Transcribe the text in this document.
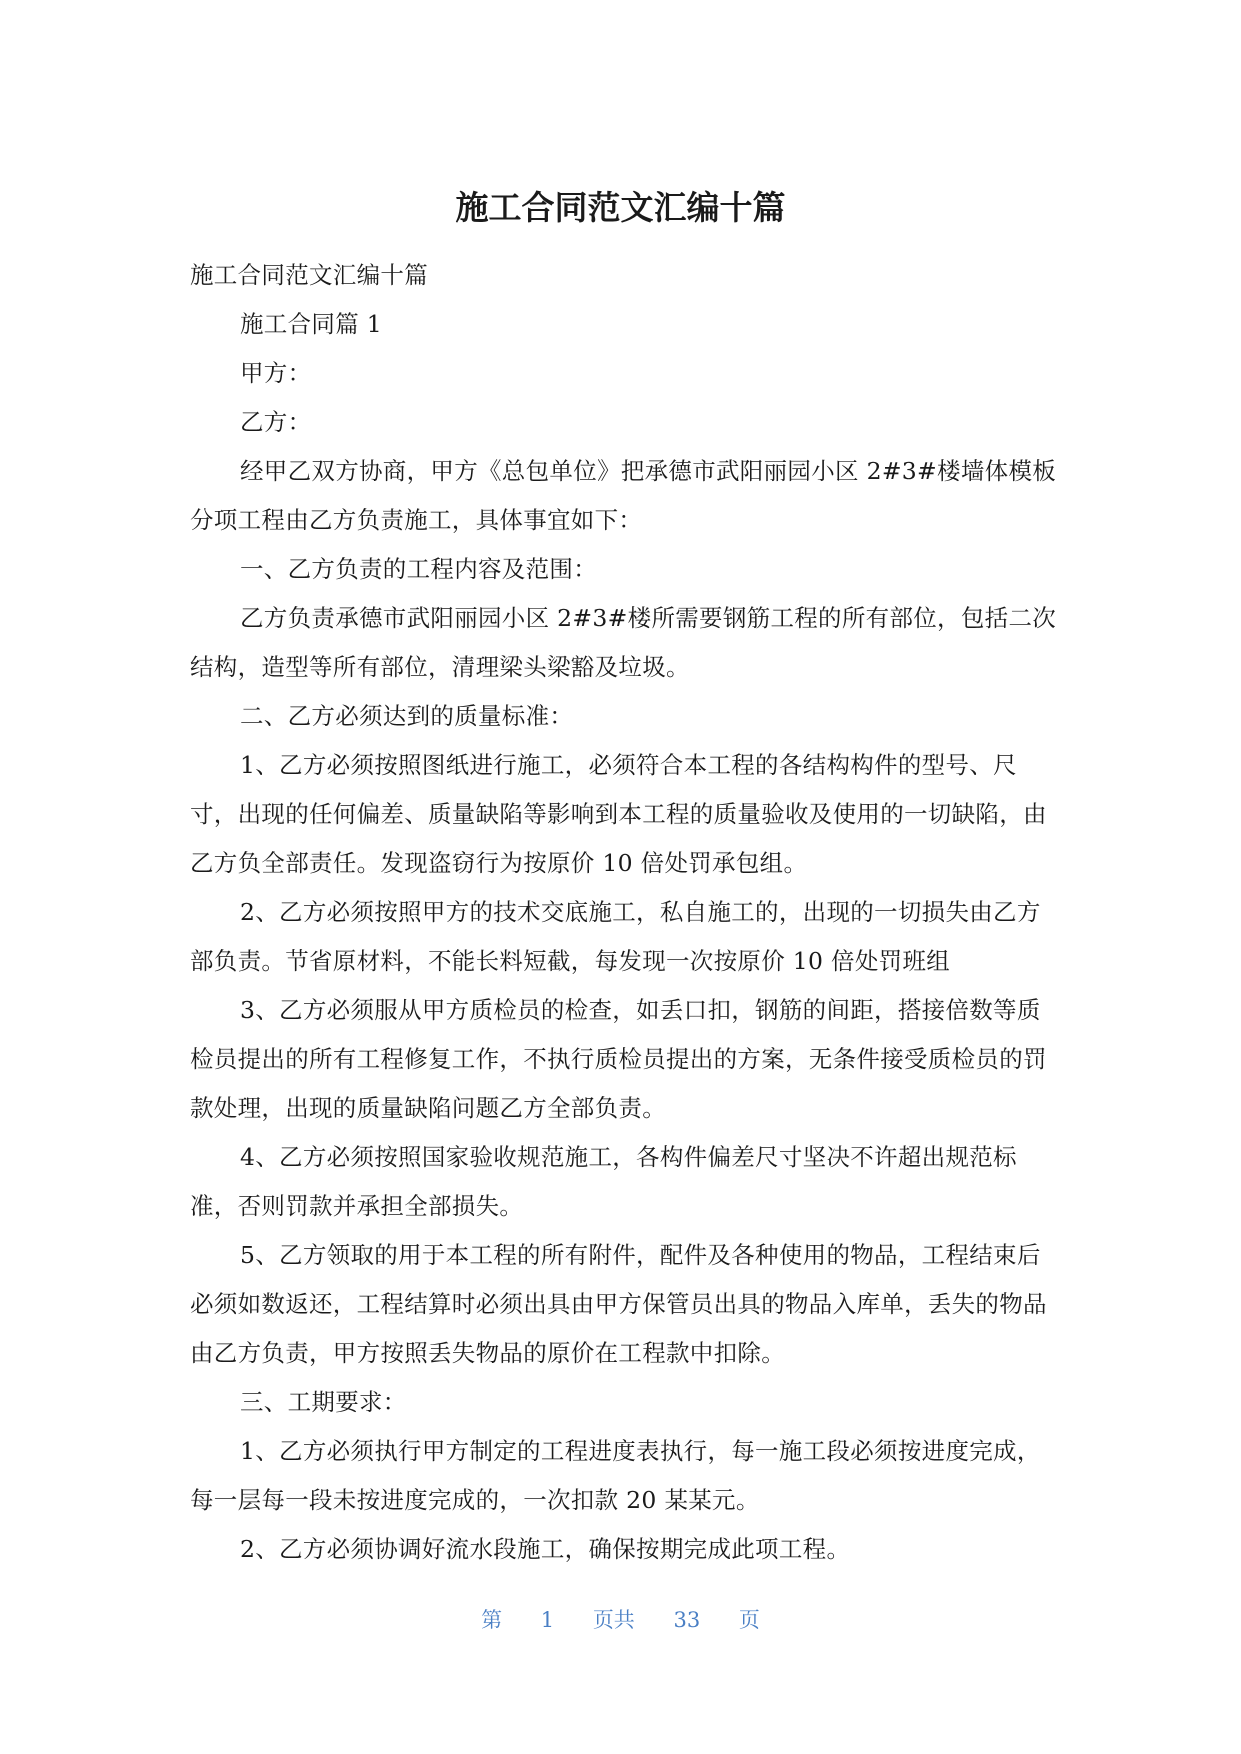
施工合同范文汇编十篇

施工合同范文汇编十篇

施工合同篇 1

甲方：

乙方：

经甲乙双方协商，甲方《总包单位》把承德市武阳丽园小区 2#3#楼墙体模板分项工程由乙方负责施工，具体事宜如下：

一、乙方负责的工程内容及范围：

乙方负责承德市武阳丽园小区 2#3#楼所需要钢筋工程的所有部位，包括二次结构，造型等所有部位，清理梁头梁豁及垃圾。

二、乙方必须达到的质量标准：

1、乙方必须按照图纸进行施工，必须符合本工程的各结构构件的型号、尺寸，出现的任何偏差、质量缺陷等影响到本工程的质量验收及使用的一切缺陷，由乙方负全部责任。发现盗窃行为按原价 10 倍处罚承包组。

2、乙方必须按照甲方的技术交底施工，私自施工的，出现的一切损失由乙方部负责。节省原材料，不能长料短截，每发现一次按原价 10 倍处罚班组

3、乙方必须服从甲方质检员的检查，如丢口扣，钢筋的间距，搭接倍数等质检员提出的所有工程修复工作，不执行质检员提出的方案，无条件接受质检员的罚款处理，出现的质量缺陷问题乙方全部负责。

4、乙方必须按照国家验收规范施工，各构件偏差尺寸坚决不许超出规范标准，否则罚款并承担全部损失。

5、乙方领取的用于本工程的所有附件，配件及各种使用的物品，工程结束后必须如数返还，工程结算时必须出具由甲方保管员出具的物品入库单，丢失的物品由乙方负责，甲方按照丢失物品的原价在工程款中扣除。

三、工期要求：

1、乙方必须执行甲方制定的工程进度表执行，每一施工段必须按进度完成，每一层每一段未按进度完成的，一次扣款 20 某某元。

2、乙方必须协调好流水段施工，确保按期完成此项工程。

第 1 页共 33 页
